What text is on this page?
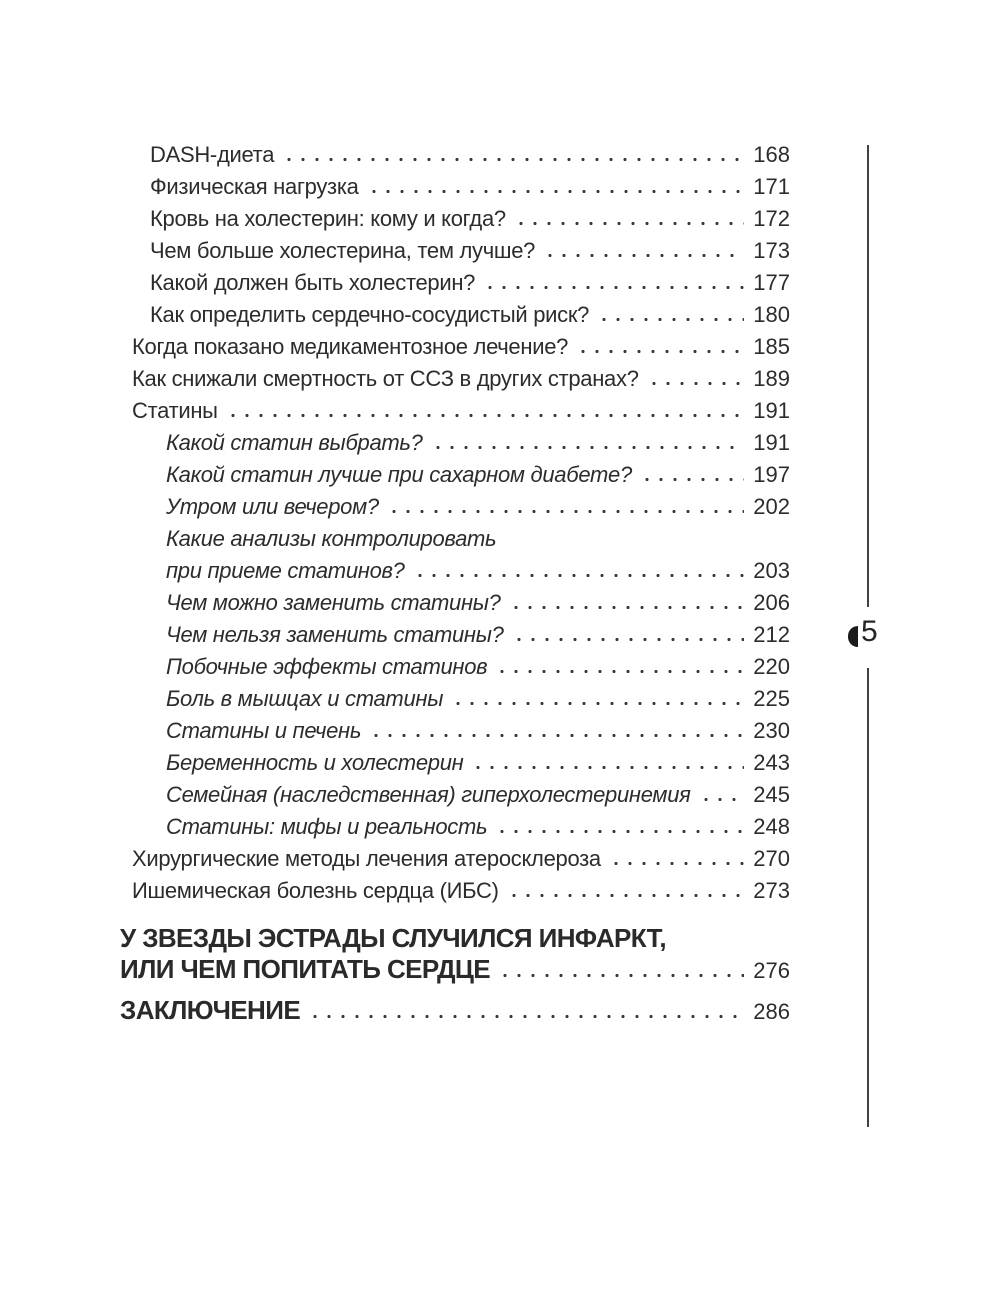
DASH-диета	168
Физическая нагрузка	171
Кровь на холестерин: кому и когда?	172
Чем больше холестерина, тем лучше?	173
Какой должен быть холестерин?	177
Как определить сердечно-сосудистый риск?	180
Когда показано медикаментозное лечение?	185
Как снижали смертность от ССЗ в других странах?	189
Статины	191
Какой статин выбрать?	191
Какой статин лучше при сахарном диабете?	197
Утром или вечером?	202
Какие анализы контролировать
при приеме статинов?	203
Чем можно заменить статины?	206
Чем нельзя заменить статины?	212
Побочные эффекты статинов	220
Боль в мышцах и статины	225
Статины и печень	230
Беременность и холестерин	243
Семейная (наследственная) гиперхолестеринемия	245
Статины: мифы и реальность	248
Хирургические методы лечения атеросклероза	270
Ишемическая болезнь сердца (ИБС)	273
У ЗВЕЗДЫ ЭСТРАДЫ СЛУЧИЛСЯ ИНФАРКТ,
ИЛИ ЧЕМ ПОПИТАТЬ СЕРДЦЕ	276
ЗАКЛЮЧЕНИЕ	286
5
